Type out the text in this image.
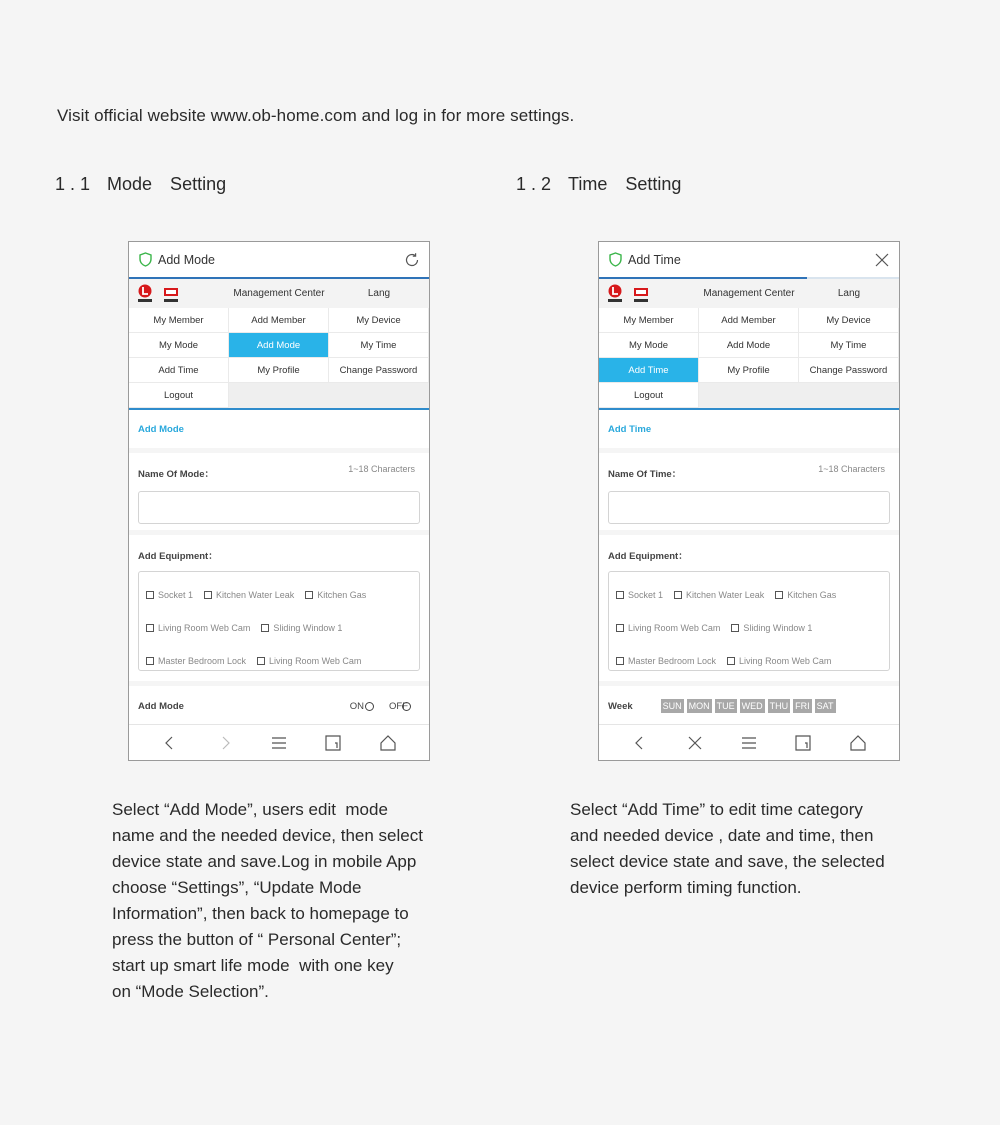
Visit official website www.ob-home.com and log in for more settings.
1.1 Mode  Setting	1.2 Time  Setting
Add Mode
Management Center	Lang
My Member	Add Member	My Device
My Mode	Add Mode	My Time
Add Time	My Profile	Change Password
Logout
Add Mode
Name Of Mode：	1~18 Characters
Add Equipment：
Socket 1	Kitchen Water Leak	Kitchen Gas
Living Room Web Cam	Sliding Window 1
Master Bedroom Lock	Living Room Web Cam
Add Mode	ON	OFF
Add Time
Management Center	Lang
My Member	Add Member	My Device
My Mode	Add Mode	My Time
Add Time	My Profile	Change Password
Logout
Add Time
Name Of Time：	1~18 Characters
Add Equipment：
Socket 1	Kitchen Water Leak	Kitchen Gas
Living Room Web Cam	Sliding Window 1
Master Bedroom Lock	Living Room Web Cam
Week	SUN MON TUE WED THU FRI SAT
Select “Add Mode”, users edit  mode
name and the needed device, then select
device state and save.Log in mobile App
choose “Settings”, “Update Mode
Information”, then back to homepage to
press the button of “ Personal Center”;
start up smart life mode  with one key
on “Mode Selection”.
Select “Add Time” to edit time category
and needed device , date and time, then
select device state and save, the selected
device perform timing function.
